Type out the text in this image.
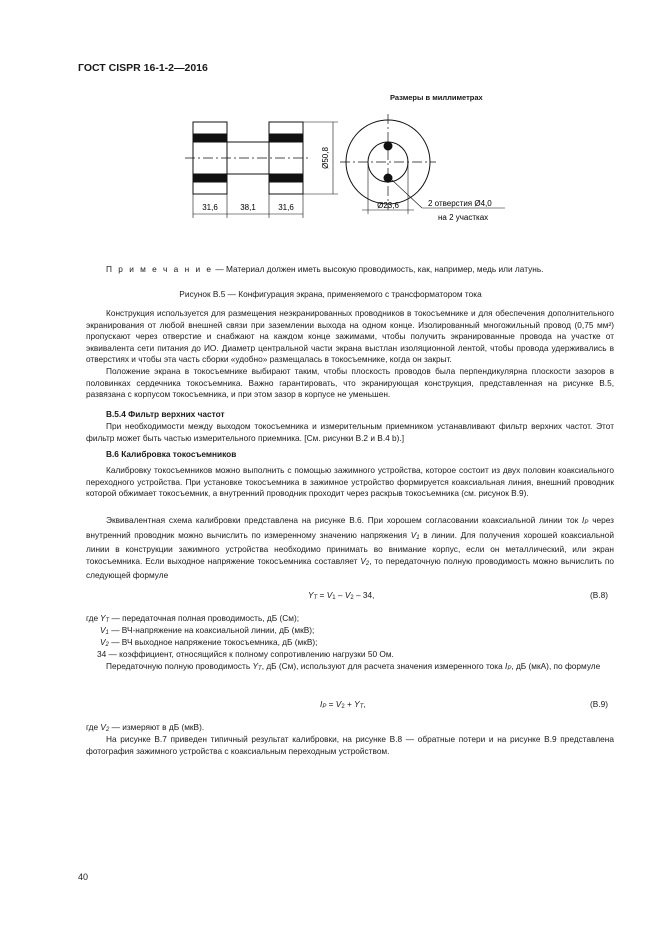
ГОСТ CISPR 16-1-2—2016
Размеры в миллиметрах
31,6	38,1	31,6
Ø50,8
Ø23,6	2 отверстия Ø4,0
на 2 участках
П р и м е ч а н и е — Материал должен иметь высокую проводимость, как, например, медь или латунь.
Рисунок В.5 — Конфигурация экрана, применяемого с трансформатором тока
Конструкция используется для размещения неэкранированных проводников в токосъемнике и для обеспечения дополнительного экранирования от любой внешней связи при заземлении выхода на одном конце. Изолированный многожильный провод (0,75 мм²) пропускают через отверстие и снабжают на каждом конце зажимами, чтобы получить экранированные провода на участке от эквивалента сети питания до ИО. Диаметр центральной части экрана выстлан изоляционной лентой, чтобы провода удерживались в отверстиях и чтобы эта часть сборки «удобно» размещалась в токосъемнике, когда он закрыт.
Положение экрана в токосъемнике выбирают таким, чтобы плоскость проводов была перпендикулярна плоскости зазоров в половинках сердечника токосъемника. Важно гарантировать, что экранирующая конструкция, представленная на рисунке В.5, развязана с корпусом токосъемника, и при этом зазор в корпусе не уменьшен.
В.5.4 Фильтр верхних частот
При необходимости между выходом токосъемника и измерительным приемником устанавливают фильтр верхних частот. Этот фильтр может быть частью измерительного приемника. [См. рисунки В.2 и В.4 b).]
В.6 Калибровка токосъемников
Калибровку токосъемников можно выполнить с помощью зажимного устройства, которое состоит из двух половин коаксиального переходного устройства. При установке токосъемника в зажимное устройство формируется коаксиальная линия, внешний проводник которой обжимает токосъемник, а внутренний проводник проходит через раскрыв токосъемника (см. рисунок В.9).
Эквивалентная схема калибровки представлена на рисунке В.6. При хорошем согласовании коаксиальной линии ток $I_P$ через внутренний проводник можно вычислить по измеренному значению напряжения $V_1$ в линии. Для получения хорошей коаксиальной линии в конструкции зажимного устройства необходимо принимать во внимание корпус, если он металлический, или экран токосъемника. Если выходное напряжение токосъемника составляет $V_2$, то передаточную полную проводимость можно вычислить по следующей формуле
$Y_T = V_1 - V_2 - 34$,	(В.8)
где $Y_T$ — передаточная полная проводимость, дБ (См);
$V_1$ — ВЧ-напряжение на коаксиальной линии, дБ (мкВ);
$V_2$ — ВЧ выходное напряжение токосъемника, дБ (мкВ);
34 — коэффициент, относящийся к полному сопротивлению нагрузки 50 Ом.
Передаточную полную проводимость $Y_T$, дБ (См), используют для расчета значения измеренного тока $I_P$, дБ (мкА), по формуле
$I_P = V_2 + Y_T$,	(В.9)
где $V_2$ — измеряют в дБ (мкВ).
На рисунке В.7 приведен типичный результат калибровки, на рисунке В.8 — обратные потери и на рисунке В.9 представлена фотография зажимного устройства с коаксиальным переходным устройством.
40
